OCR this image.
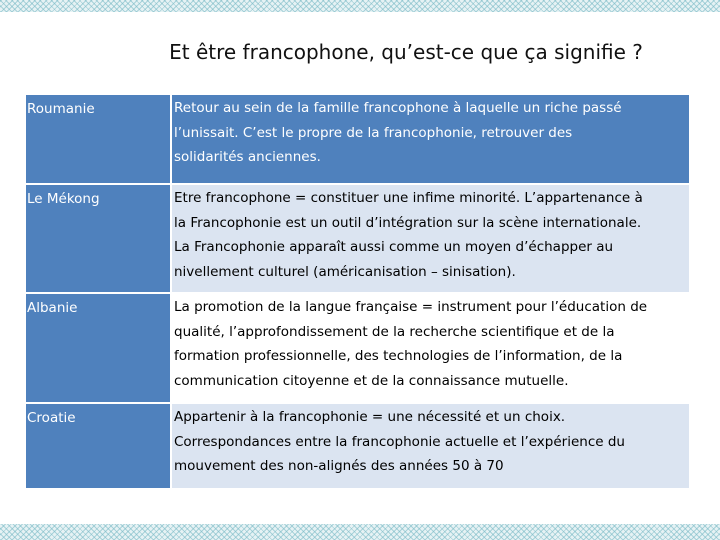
Et être francophone, qu’est-ce que ça signifie ?
Roumanie	Retour au sein de la famille francophone à laquelle un riche passé
l’unissait. C’est le propre de la francophonie, retrouver des
solidarités anciennes.
Le Mékong	Etre francophone = constituer une infime minorité. L’appartenance à
la Francophonie est un outil d’intégration sur la scène internationale.
La Francophonie apparaît aussi comme un moyen d’échapper au
nivellement culturel (américanisation – sinisation).
Albanie	La promotion de la langue française = instrument pour l’éducation de
qualité, l’approfondissement de la recherche scientifique et de la
formation professionnelle, des technologies de l’information, de la
communication citoyenne et de la connaissance mutuelle.
Croatie	Appartenir à la francophonie = une nécessité et un choix.
Correspondances entre la francophonie actuelle et l’expérience du
mouvement des non-alignés des années 50 à 70
